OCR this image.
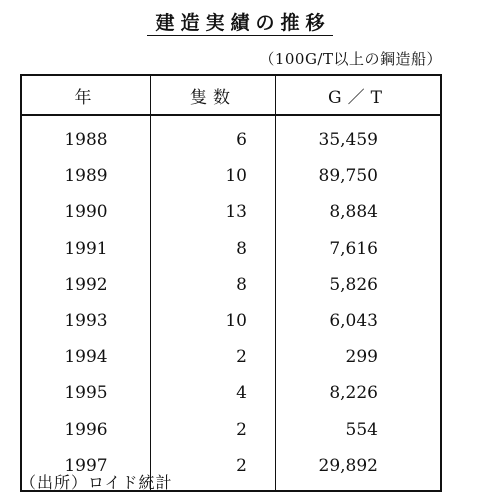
建造実績の推移
（100G/T以上の鋼造船）
年	隻数	G／T
1988	6	35,459
1989	10	89,750
1990	13	8,884
1991	8	7,616
1992	8	5,826
1993	10	6,043
1994	2	299
1995	4	8,226
1996	2	554
1997	2	29,892
（出所）ロイド統計
